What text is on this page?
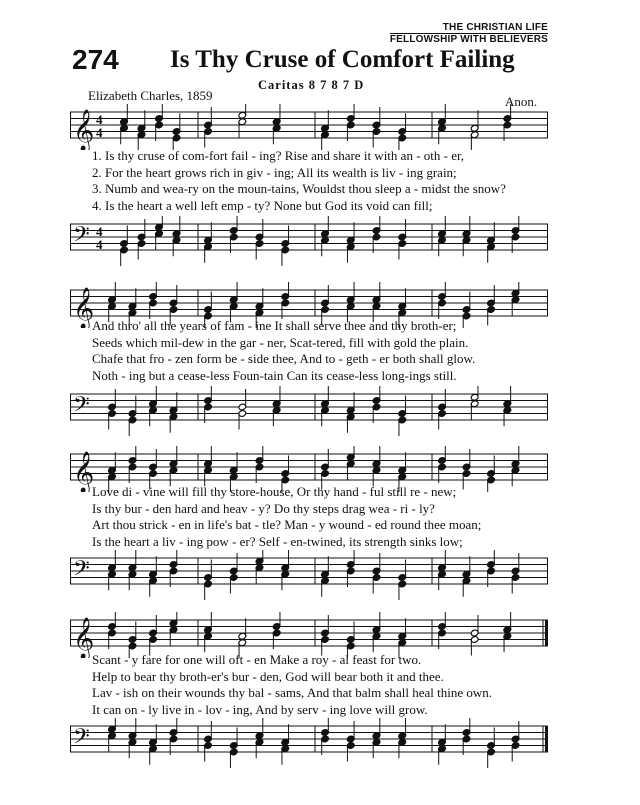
THE CHRISTIAN LIFE
FELLOWSHIP WITH BELIEVERS
274 Is Thy Cruse of Comfort Failing
Caritas 8 7 8 7 D
Elizabeth Charles, 1859	Anon.
𝄞 4
4
1. Is thy cruse of com-fort fail - ing? Rise and share it with an - oth - er,
2. For the heart grows rich in giv - ing; All its wealth is liv - ing grain;
3. Numb and wea-ry on the moun-tains, Wouldst thou sleep a - midst the snow?
4. Is the heart a well left emp - ty? None but God its void can fill;
𝄢 4
4
𝄞
And thro' all the years of fam - ine It shall serve thee and thy broth-er;
Seeds which mil-dew in the gar - ner, Scat-tered, fill with gold the plain.
Chafe that fro - zen form be - side thee, And to - geth - er both shall glow.
Noth - ing but a cease-less Foun-tain Can its cease-less long-ings still.
𝄢
𝄞
Love di - vine will fill thy store-house, Or thy hand - ful still re - new;
Is thy bur - den hard and heav - y? Do thy steps drag wea - ri - ly?
Art thou strick - en in life's bat - tle? Man - y wound - ed round thee moan;
Is the heart a liv - ing pow - er? Self - en-twined, its strength sinks low;
𝄢
𝄞
Scant - y fare for one will oft - en Make a roy - al feast for two.
Help to bear thy broth-er's bur - den, God will bear both it and thee.
Lav - ish on their wounds thy bal - sams, And that balm shall heal thine own.
It can on - ly live in - lov - ing, And by serv - ing love will grow.
𝄢
